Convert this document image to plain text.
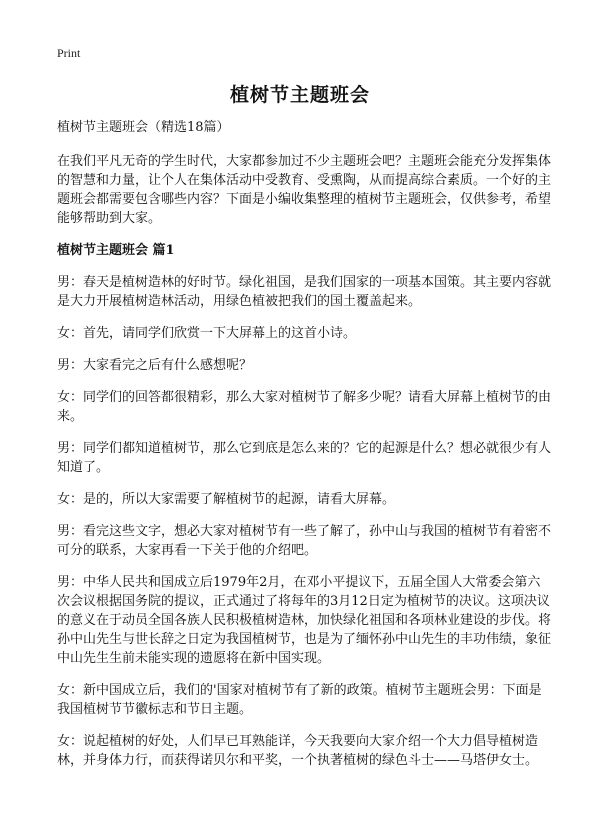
Print
植树节主题班会
植树节主题班会（精选18篇）

在我们平凡无奇的学生时代，大家都参加过不少主题班会吧？主题班会能充分发挥集体的智慧和力量，让个人在集体活动中受教育、受熏陶，从而提高综合素质。一个好的主题班会都需要包含哪些内容？下面是小编收集整理的植树节主题班会，仅供参考，希望能够帮助到大家。

植树节主题班会 篇1

男：春天是植树造林的好时节。绿化祖国，是我们国家的一项基本国策。其主要内容就是大力开展植树造林活动，用绿色植被把我们的国土覆盖起来。

女：首先，请同学们欣赏一下大屏幕上的这首小诗。

男：大家看完之后有什么感想呢？

女：同学们的回答都很精彩，那么大家对植树节了解多少呢？请看大屏幕上植树节的由来。

男：同学们都知道植树节，那么它到底是怎么来的？它的起源是什么？想必就很少有人知道了。

女：是的，所以大家需要了解植树节的起源，请看大屏幕。

男：看完这些文字，想必大家对植树节有一些了解了，孙中山与我国的植树节有着密不可分的联系，大家再看一下关于他的介绍吧。

男：中华人民共和国成立后1979年2月，在邓小平提议下，五届全国人大常委会第六次会议根据国务院的提议，正式通过了将每年的3月12日定为植树节的决议。这项决议的意义在于动员全国各族人民积极植树造林，加快绿化祖国和各项林业建设的步伐。将孙中山先生与世长辞之日定为我国植树节，也是为了缅怀孙中山先生的丰功伟绩，象征中山先生生前未能实现的遗愿将在新中国实现。

女：新中国成立后，我们的'国家对植树节有了新的政策。植树节主题班会男：下面是我国植树节节徽标志和节日主题。

女：说起植树的好处，人们早已耳熟能详，今天我要向大家介绍一个大力倡导植树造林，并身体力行，而获得诺贝尔和平奖，一个执著植树的绿色斗士——马塔伊女士。
